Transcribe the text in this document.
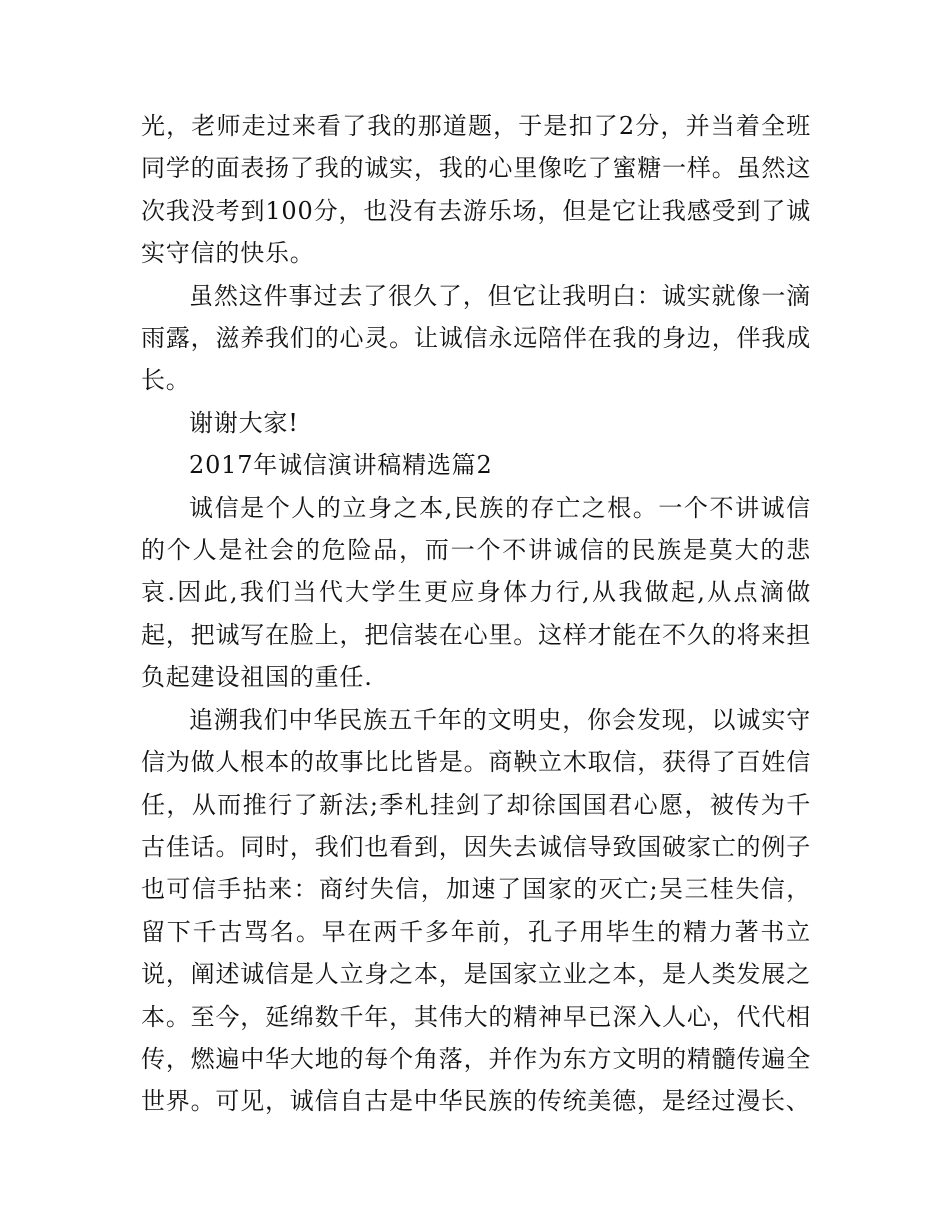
光，老师走过来看了我的那道题，于是扣了2分，并当着全班同学的面表扬了我的诚实，我的心里像吃了蜜糖一样。虽然这次我没考到100分，也没有去游乐场，但是它让我感受到了诚实守信的快乐。

虽然这件事过去了很久了，但它让我明白：诚实就像一滴雨露，滋养我们的心灵。让诚信永远陪伴在我的身边，伴我成长。

谢谢大家!

2017年诚信演讲稿精选篇2

诚信是个人的立身之本,民族的存亡之根。一个不讲诚信的个人是社会的危险品，而一个不讲诚信的民族是莫大的悲哀.因此,我们当代大学生更应身体力行,从我做起,从点滴做起，把诚写在脸上，把信装在心里。这样才能在不久的将来担负起建设祖国的重任.

追溯我们中华民族五千年的文明史，你会发现，以诚实守信为做人根本的故事比比皆是。商鞅立木取信，获得了百姓信任，从而推行了新法;季札挂剑了却徐国国君心愿，被传为千古佳话。同时，我们也看到，因失去诚信导致国破家亡的例子也可信手拈来：商纣失信，加速了国家的灭亡;吴三桂失信，留下千古骂名。早在两千多年前，孔子用毕生的精力著书立说，阐述诚信是人立身之本，是国家立业之本，是人类发展之本。至今，延绵数千年，其伟大的精神早已深入人心，代代相传，燃遍中华大地的每个角落，并作为东方文明的精髓传遍全世界。可见，诚信自古是中华民族的传统美德，是经过漫长、
